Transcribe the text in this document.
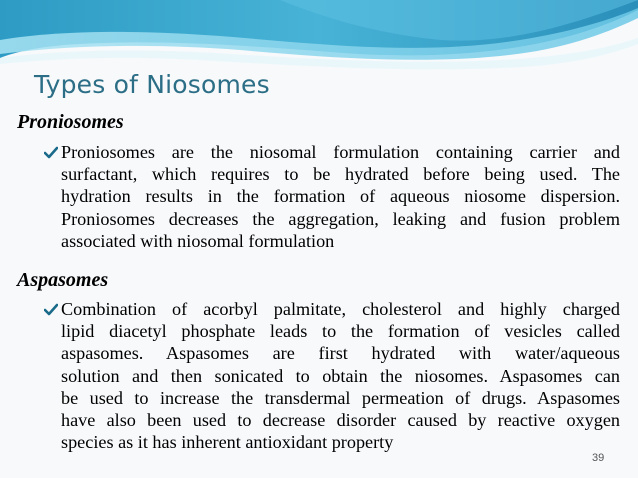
Types of Niosomes
Proniosomes
Proniosomes are the niosomal formulation containing carrier and
surfactant, which requires to be hydrated before being used. The
hydration results in the formation of aqueous niosome dispersion.
Proniosomes decreases the aggregation, leaking and fusion problem
associated with niosomal formulation
Aspasomes
Combination of acorbyl palmitate, cholesterol and highly charged
lipid diacetyl phosphate leads to the formation of vesicles called
aspasomes. Aspasomes are first hydrated with water/aqueous
solution and then sonicated to obtain the niosomes. Aspasomes can
be used to increase the transdermal permeation of drugs. Aspasomes
have also been used to decrease disorder caused by reactive oxygen
species as it has inherent antioxidant property
39
